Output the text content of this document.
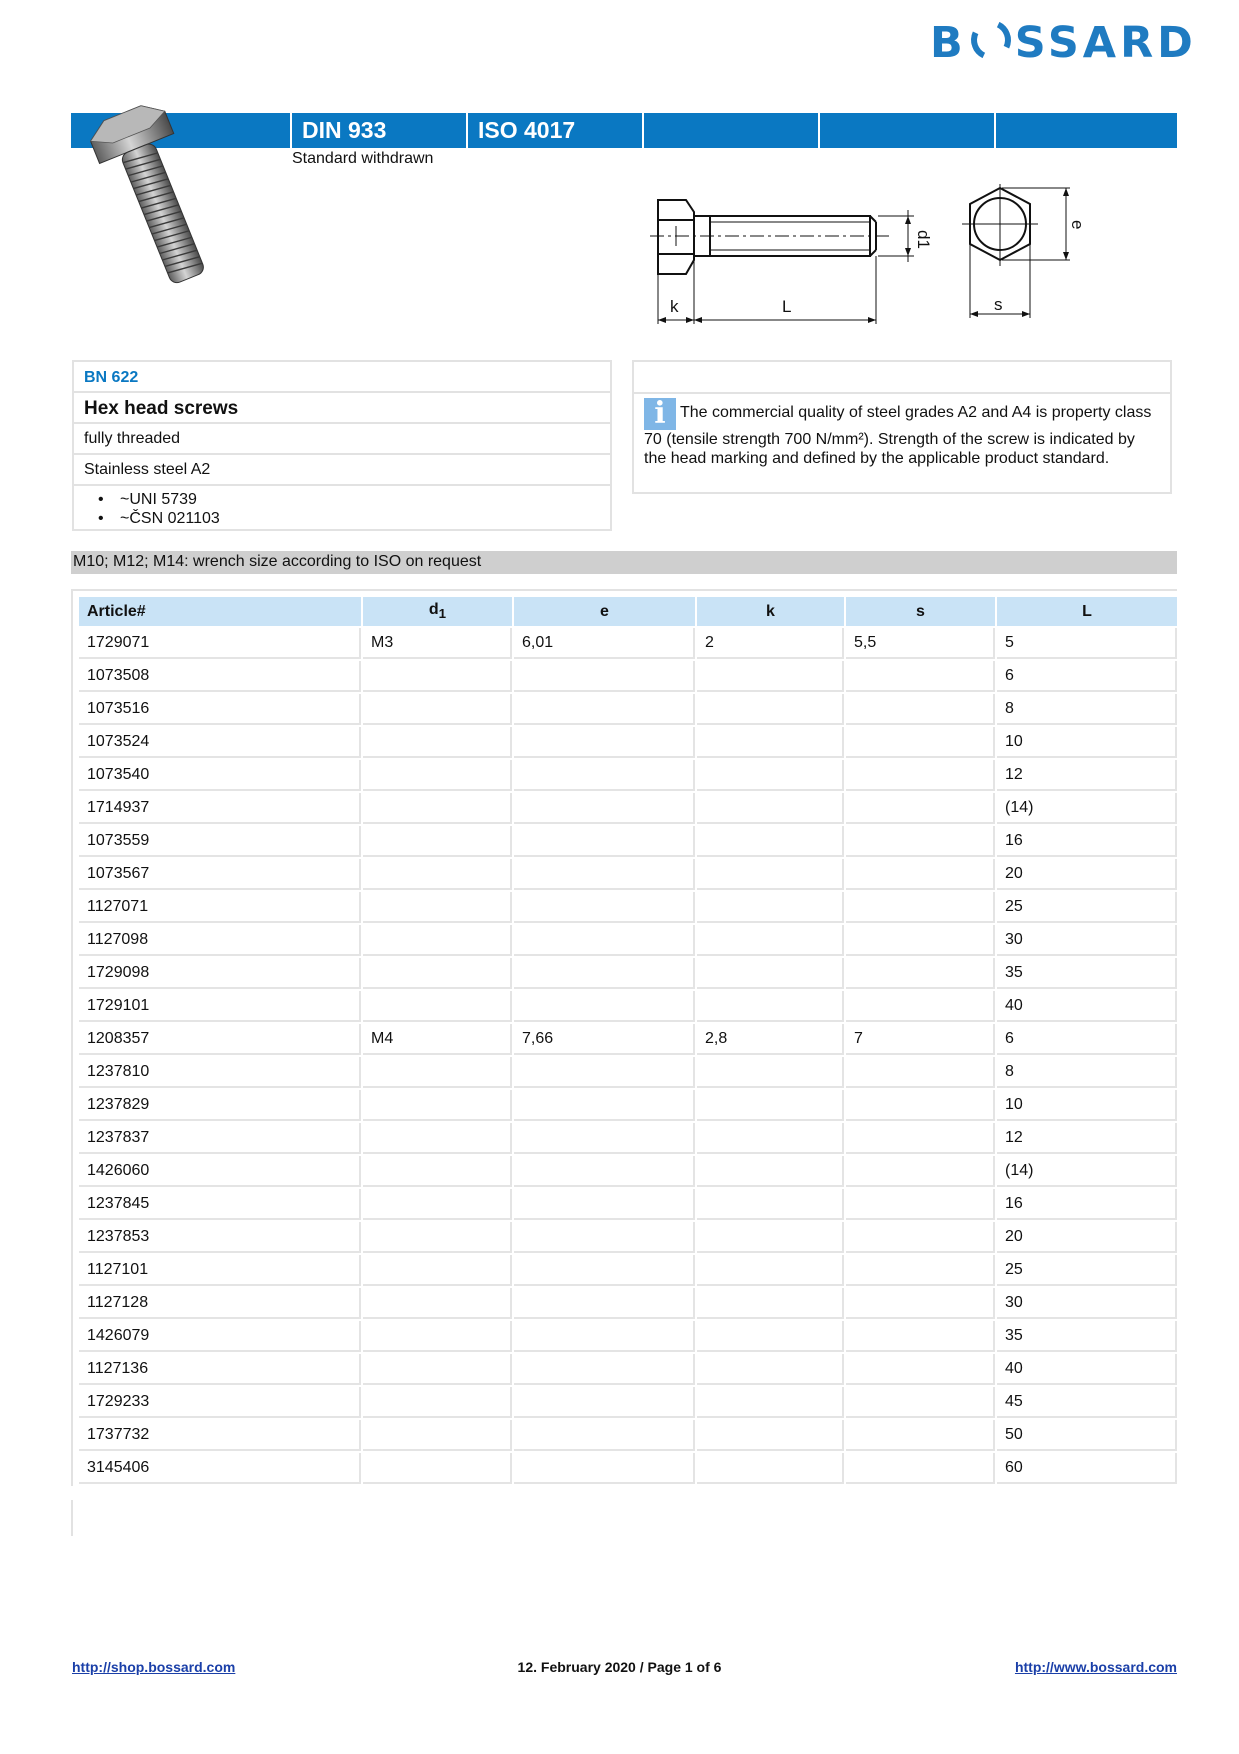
B SSARD
DIN 933	ISO 4017
Standard withdrawn
k	L
d1
e
s
BN 622
Hex head screws
fully threaded
Stainless steel A2
• ~UNI 5739
• ~ČSN 021103
i The commercial quality of steel grades A2 and A4 is property class 70 (tensile strength 700 N/mm²). Strength of the screw is indicated by the head marking and defined by the applicable product standard.
M10; M12; M14: wrench size according to ISO on request
Article#	$d_1$	e	k	s	L
1729071	M3	6,01	2	5,5	5
1073508					6
1073516					8
1073524					10
1073540					12
1714937					(14)
1073559					16
1073567					20
1127071					25
1127098					30
1729098					35
1729101					40
1208357	M4	7,66	2,8	7	6
1237810					8
1237829					10
1237837					12
1426060					(14)
1237845					16
1237853					20
1127101					25
1127128					30
1426079					35
1127136					40
1729233					45
1737732					50
3145406					60
http://shop.bossard.com	12. February 2020 / Page 1 of 6	http://www.bossard.com
